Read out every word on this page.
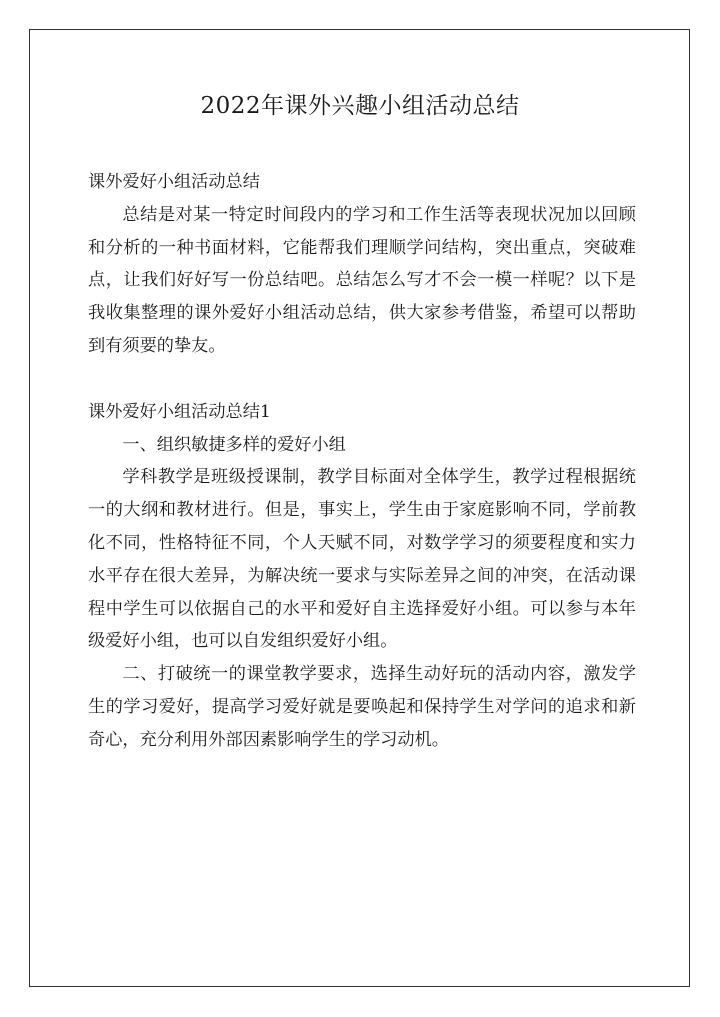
2022年课外兴趣小组活动总结

课外爱好小组活动总结

总结是对某一特定时间段内的学习和工作生活等表现状况加以回顾和分析的一种书面材料，它能帮我们理顺学问结构，突出重点，突破难点，让我们好好写一份总结吧。总结怎么写才不会一模一样呢？以下是我收集整理的课外爱好小组活动总结，供大家参考借鉴，希望可以帮助到有须要的挚友。

课外爱好小组活动总结1

一、组织敏捷多样的爱好小组

学科教学是班级授课制，教学目标面对全体学生，教学过程根据统一的大纲和教材进行。但是，事实上，学生由于家庭影响不同，学前教化不同，性格特征不同，个人天赋不同，对数学学习的须要程度和实力水平存在很大差异，为解决统一要求与实际差异之间的冲突，在活动课程中学生可以依据自己的水平和爱好自主选择爱好小组。可以参与本年级爱好小组，也可以自发组织爱好小组。

二、打破统一的课堂教学要求，选择生动好玩的活动内容，激发学生的学习爱好，提高学习爱好就是要唤起和保持学生对学问的追求和新奇心，充分利用外部因素影响学生的学习动机。
